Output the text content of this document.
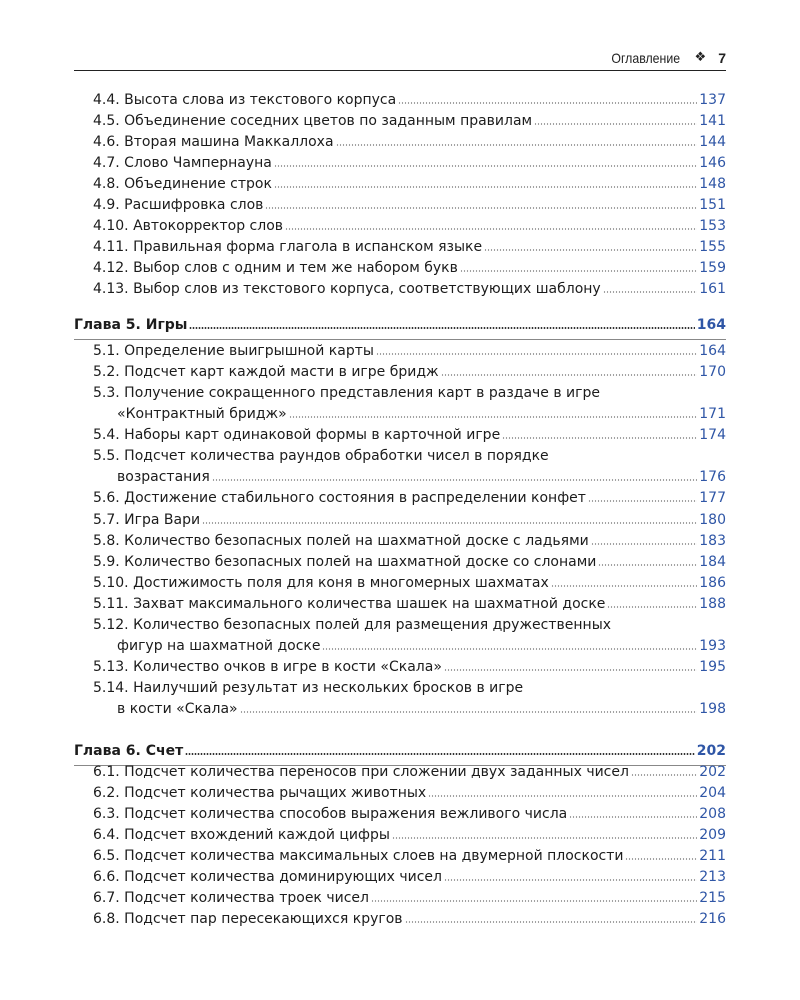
Оглавление ❖ 7
4.4. Высота слова из текстового корпуса	137
4.5. Объединение соседних цветов по заданным правилам	141
4.6. Вторая машина Маккаллоха	144
4.7. Слово Чампернауна	146
4.8. Объединение строк	148
4.9. Расшифровка слов	151
4.10. Автокорректор слов	153
4.11. Правильная форма глагола в испанском языке	155
4.12. Выбор слов с одним и тем же набором букв	159
4.13. Выбор слов из текстового корпуса, соответствующих шаблону	161
Глава 5. Игры	164
5.1. Определение выигрышной карты	164
5.2. Подсчет карт каждой масти в игре бридж	170
5.3. Получение сокращенного представления карт в раздаче в игре
«Контрактный бридж»	171
5.4. Наборы карт одинаковой формы в карточной игре	174
5.5. Подсчет количества раундов обработки чисел в порядке
возрастания	176
5.6. Достижение стабильного состояния в распределении конфет	177
5.7. Игра Вари	180
5.8. Количество безопасных полей на шахматной доске с ладьями	183
5.9. Количество безопасных полей на шахматной доске со слонами	184
5.10. Достижимость поля для коня в многомерных шахматах	186
5.11. Захват максимального количества шашек на шахматной доске	188
5.12. Количество безопасных полей для размещения дружественных
фигур на шахматной доске	193
5.13. Количество очков в игре в кости «Скала»	195
5.14. Наилучший результат из нескольких бросков в игре
в кости «Скала»	198
Глава 6. Счет	202
6.1. Подсчет количества переносов при сложении двух заданных чисел	202
6.2. Подсчет количества рычащих животных	204
6.3. Подсчет количества способов выражения вежливого числа	208
6.4. Подсчет вхождений каждой цифры	209
6.5. Подсчет количества максимальных слоев на двумерной плоскости	211
6.6. Подсчет количества доминирующих чисел	213
6.7. Подсчет количества троек чисел	215
6.8. Подсчет пар пересекающихся кругов	216
